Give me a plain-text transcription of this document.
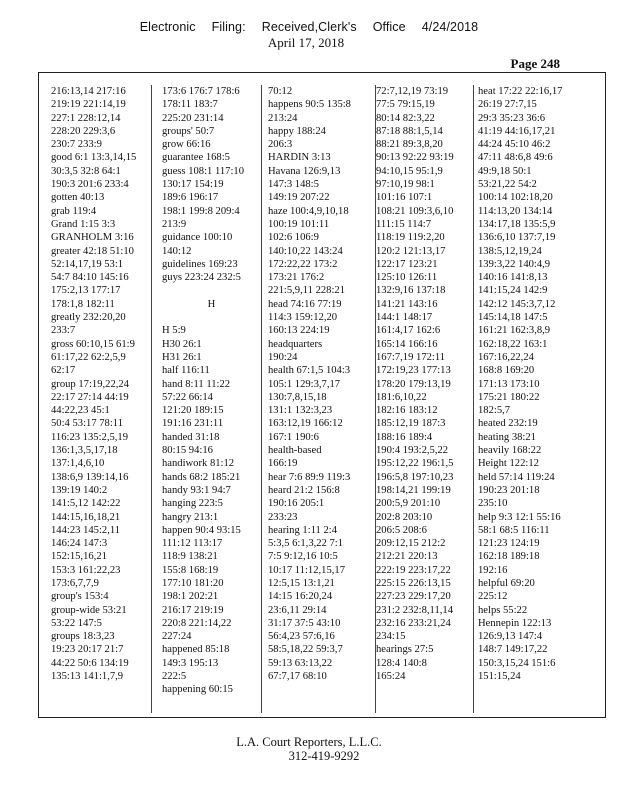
Electronic Filing: Received,Clerk's Office 4/24/2018
April 17, 2018
Page 248
216:13,14 217:16
219:19 221:14,19
227:1 228:12,14
228:20 229:3,6
230:7 233:9
good 6:1 13:3,14,15
30:3,5 32:8 64:1
190:3 201:6 233:4
gotten 40:13
grab 119:4
Grand 1:15 3:3
GRANHOLM 3:16
greater 42:18 51:10
52:14,17,19 53:1
54:7 84:10 145:16
175:2,13 177:17
178:1,8 182:11
greatly 232:20,20
233:7
gross 60:10,15 61:9
61:17,22 62:2,5,9
62:17
group 17:19,22,24
22:17 27:14 44:19
44:22,23 45:1
50:4 53:17 78:11
116:23 135:2,5,19
136:1,3,5,17,18
137:1,4,6,10
138:6,9 139:14,16
139:19 140:2
141:5,12 142:22
144:15,16,18,21
144:23 145:2,11
146:24 147:3
152:15,16,21
153:3 161:22,23
173:6,7,7,9
group's 153:4
group-wide 53:21
53:22 147:5
groups 18:3,23
19:23 20:17 21:7
44:22 50:6 134:19
135:13 141:1,7,9
173:6 176:7 178:6
178:11 183:7
225:20 231:14
groups' 50:7
grow 66:16
guarantee 168:5
guess 108:1 117:10
130:17 154:19
189:6 196:17
198:1 199:8 209:4
213:9
guidance 100:10
140:12
guidelines 169:23
guys 223:24 232:5
H
H 5:9
H30 26:1
H31 26:1
half 116:11
hand 8:11 11:22
57:22 66:14
121:20 189:15
191:16 231:11
handed 31:18
80:15 94:16
handiwork 81:12
hands 68:2 185:21
handy 93:1 94:7
hanging 223:5
hangry 213:1
happen 90:4 93:15
111:12 113:17
118:9 138:21
155:8 168:19
177:10 181:20
198:1 202:21
216:17 219:19
220:8 221:14,22
227:24
happened 85:18
149:3 195:13
222:5
happening 60:15
70:12
happens 90:5 135:8
213:24
happy 188:24
206:3
HARDIN 3:13
Havana 126:9,13
147:3 148:5
149:19 207:22
haze 100:4,9,10,18
100:19 101:11
102:6 106:9
140:10,22 143:24
172:22,22 173:2
173:21 176:2
221:5,9,11 228:21
head 74:16 77:19
114:3 159:12,20
160:13 224:19
headquarters
190:24
health 67:1,5 104:3
105:1 129:3,7,17
130:7,8,15,18
131:1 132:3,23
163:12,19 166:12
167:1 190:6
health-based
166:19
hear 7:6 89:9 119:3
heard 21:2 156:8
190:16 205:1
233:23
hearing 1:11 2:4
5:3,5 6:1,3,22 7:1
7:5 9:12,16 10:5
10:17 11:12,15,17
12:5,15 13:1,21
14:15 16:20,24
23:6,11 29:14
31:17 37:5 43:10
56:4,23 57:6,16
58:5,18,22 59:3,7
59:13 63:13,22
67:7,17 68:10
72:7,12,19 73:19
77:5 79:15,19
80:14 82:3,22
87:18 88:1,5,14
88:21 89:3,8,20
90:13 92:22 93:19
94:10,15 95:1,9
97:10,19 98:1
101:16 107:1
108:21 109:3,6,10
111:15 114:7
118:19 119:2,20
120:2 121:13,17
122:17 123:21
125:10 126:11
132:9,16 137:18
141:21 143:16
144:1 148:17
161:4,17 162:6
165:14 166:16
167:7,19 172:11
172:19,23 177:13
178:20 179:13,19
181:6,10,22
182:16 183:12
185:12,19 187:3
188:16 189:4
190:4 193:2,5,22
195:12,22 196:1,5
196:5,8 197:10,23
198:14,21 199:19
200:5,9 201:10
202:8 203:10
206:5 208:6
209:12,15 212:2
212:21 220:13
222:19 223:17,22
225:15 226:13,15
227:23 229:17,20
231:2 232:8,11,14
232:16 233:21,24
234:15
hearings 27:5
128:4 140:8
165:24
heat 17:22 22:16,17
26:19 27:7,15
29:3 35:23 36:6
41:19 44:16,17,21
44:24 45:10 46:2
47:11 48:6,8 49:6
49:9,18 50:1
53:21,22 54:2
100:14 102:18,20
114:13,20 134:14
134:17,18 135:5,9
136:6,10 137:7,19
138:5,12,19,24
139:3,22 140:4,9
140:16 141:8,13
141:15,24 142:9
142:12 145:3,7,12
145:14,18 147:5
161:21 162:3,8,9
162:18,22 163:1
167:16,22,24
168:8 169:20
171:13 173:10
175:21 180:22
182:5,7
heated 232:19
heating 38:21
heavily 168:22
Height 122:12
held 57:14 119:24
190:23 201:18
235:10
help 9:3 12:1 55:16
58:1 68:5 116:11
121:23 124:19
162:18 189:18
192:16
helpful 69:20
225:12
helps 55:22
Hennepin 122:13
126:9,13 147:4
148:7 149:17,22
150:3,15,24 151:6
151:15,24
L.A. Court Reporters, L.L.C.
312-419-9292
